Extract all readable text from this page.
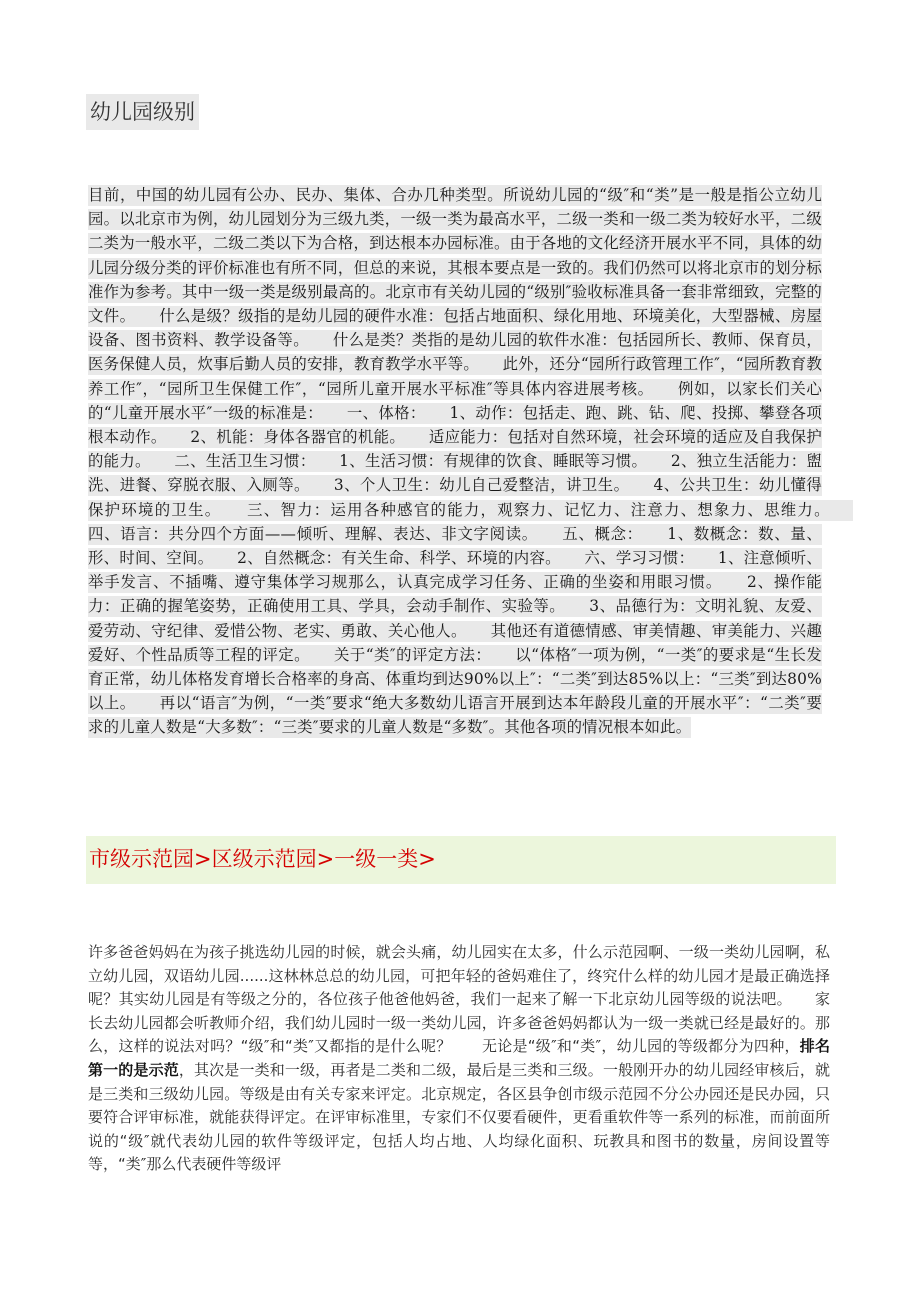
幼儿园级别

目前，中国的幼儿园有公办、民办、集体、合办几种类型。所说幼儿园的“级″和“类”是一般是指公立幼儿园。以北京市为例，幼儿园划分为三级九类，一级一类为最高水平，二级一类和一级二类为较好水平，二级二类为一般水平，二级二类以下为合格，到达根本办园标准。由于各地的文化经济开展水平不同，具体的幼儿园分级分类的评价标准也有所不同，但总的来说，其根本要点是一致的。我们仍然可以将北京市的划分标准作为参考。其中一级一类是级别最高的。北京市有关幼儿园的“级别″验收标准具备一套非常细致，完整的文件。　　什么是级？级指的是幼儿园的硬件水准：包括占地面积、绿化用地、环境美化，大型器械、房屋设备、图书资料、教学设备等。　　什么是类？类指的是幼儿园的软件水准：包括园所长、教师、保育员，医务保健人员，炊事后勤人员的安排，教育教学水平等。　　此外，还分“园所行政管理工作″，“园所教育教养工作″，“园所卫生保健工作″，“园所儿童开展水平标准″等具体内容进展考核。　　例如，以家长们关心的“儿童开展水平″一级的标准是：　　一、体格：　　1、动作：包括走、跑、跳、钻、爬、投掷、攀登各项根本动作。　　2、机能：身体各器官的机能。　　适应能力：包括对自然环境，社会环境的适应及自我保护的能力。　　二、生活卫生习惯：　　1、生活习惯：有规律的饮食、睡眠等习惯。　　2、独立生活能力：盥洗、进餐、穿脱衣服、入厕等。　　3、个人卫生：幼儿自己爱整洁，讲卫生。　　4、公共卫生：幼儿懂得保护环境的卫生。　　三、智力：运用各种感官的能力，观察力、记忆力、注意力、想象力、思维力。　　四、语言：共分四个方面——倾听、理解、表达、非文字阅读。　　五、概念：　　1、数概念：数、量、形、时间、空间。　　2、自然概念：有关生命、科学、环境的内容。　　六、学习习惯：　　1、注意倾听、举手发言、不插嘴、遵守集体学习规那么，认真完成学习任务、正确的坐姿和用眼习惯。　　2、操作能力：正确的握笔姿势，正确使用工具、学具，会动手制作、实验等。　　3、品德行为：文明礼貌、友爱、爱劳动、守纪律、爱惜公物、老实、勇敢、关心他人。　　其他还有道德情感、审美情趣、审美能力、兴趣爱好、个性品质等工程的评定。　　关于“类″的评定方法：　　以“体格″一项为例，“一类″的要求是“生长发育正常，幼儿体格发育增长合格率的身高、体重均到达90%以上″：“二类″到达85%以上：“三类″到达80%以上。　　再以“语言″为例，“一类″要求“绝大多数幼儿语言开展到达本年龄段儿童的开展水平″：“二类″要求的儿童人数是“大多数″：“三类″要求的儿童人数是“多数″。其他各项的情况根本如此。

市级示范园>区级示范园>一级一类>

许多爸爸妈妈在为孩子挑选幼儿园的时候，就会头痛，幼儿园实在太多，什么示范园啊、一级一类幼儿园啊，私立幼儿园，双语幼儿园......这林林总总的幼儿园，可把年轻的爸妈难住了，终究什么样的幼儿园才是最正确选择呢？其实幼儿园是有等级之分的，各位孩子他爸他妈爸，我们一起来了解一下北京幼儿园等级的说法吧。　　家长去幼儿园都会听教师介绍，我们幼儿园时一级一类幼儿园，许多爸爸妈妈都认为一级一类就已经是最好的。那么，这样的说法对吗？“级″和“类″又都指的是什么呢？　　无论是“级″和“类″，幼儿园的等级都分为四种，排名第一的是示范，其次是一类和一级，再者是二类和二级，最后是三类和三级。一般刚开办的幼儿园经审核后，就是三类和三级幼儿园。等级是由有关专家来评定。北京规定，各区县争创市级示范园不分公办园还是民办园，只要符合评审标准，就能获得评定。在评审标准里，专家们不仅要看硬件，更看重软件等一系列的标准，而前面所说的“级″就代表幼儿园的软件等级评定，包括人均占地、人均绿化面积、玩教具和图书的数量，房间设置等等，“类″那么代表硬件等级评
